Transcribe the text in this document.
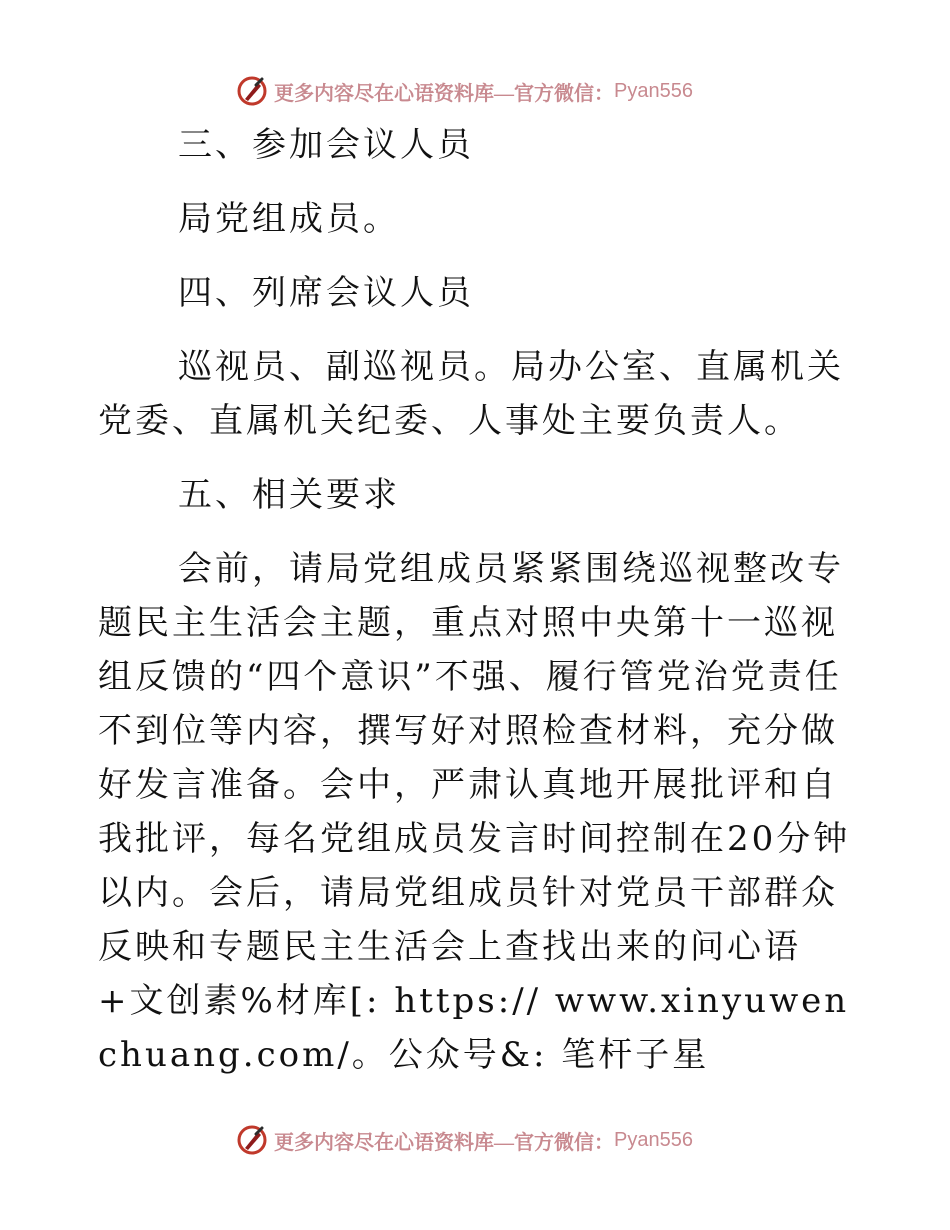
更多内容尽在心语资料库—官方微信： Pyan556

三、参加会议人员

局党组成员。

四、列席会议人员

巡视员、副巡视员。局办公室、直属机关党委、直属机关纪委、人事处主要负责人。

五、相关要求

会前，请局党组成员紧紧围绕巡视整改专题民主生活会主题，重点对照中央第十一巡视组反馈的“四个意识”不强、履行管党治党责任不到位等内容，撰写好对照检查材料，充分做好发言准备。会中，严肃认真地开展批评和自我批评，每名党组成员发言时间控制在20分钟以内。会后，请局党组成员针对党员干部群众反映和专题民主生活会上查找出来的问心语+文创素%材库[: https:// www.xinyuwenchuang.com/。公众号&: 笔杆子星

更多内容尽在心语资料库—官方微信： Pyan556
